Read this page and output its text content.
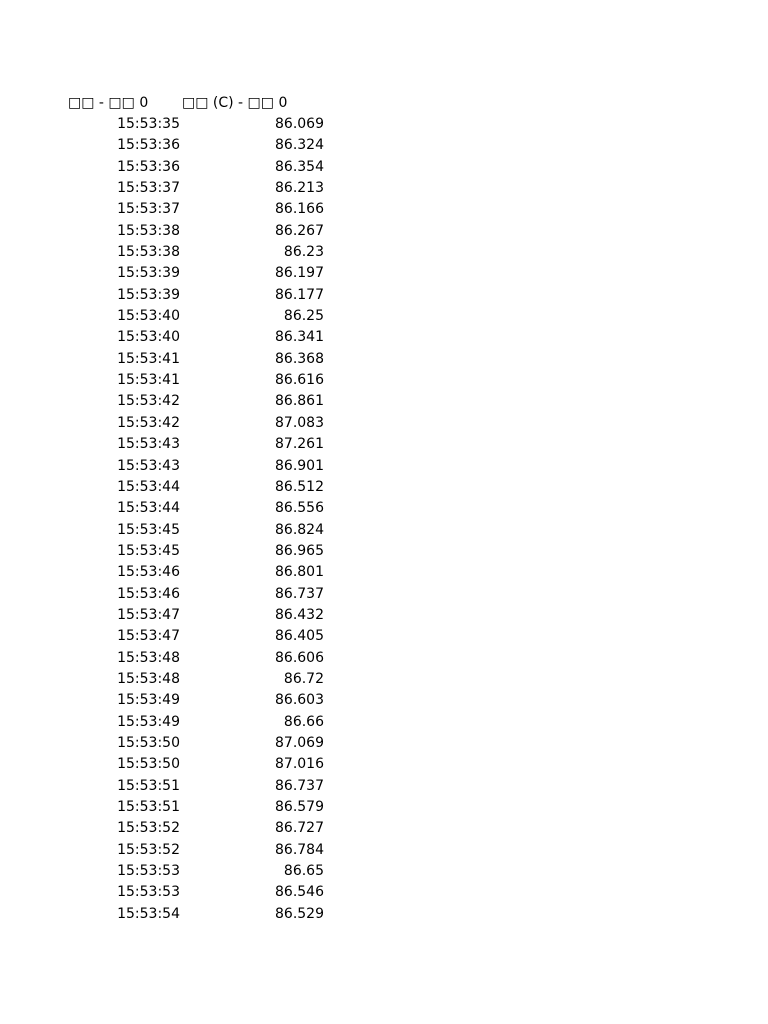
□□ - □□ 0 □□ (C) - □□ 0
15:53:35	86.069
15:53:36	86.324
15:53:36	86.354
15:53:37	86.213
15:53:37	86.166
15:53:38	86.267
15:53:38	86.23
15:53:39	86.197
15:53:39	86.177
15:53:40	86.25
15:53:40	86.341
15:53:41	86.368
15:53:41	86.616
15:53:42	86.861
15:53:42	87.083
15:53:43	87.261
15:53:43	86.901
15:53:44	86.512
15:53:44	86.556
15:53:45	86.824
15:53:45	86.965
15:53:46	86.801
15:53:46	86.737
15:53:47	86.432
15:53:47	86.405
15:53:48	86.606
15:53:48	86.72
15:53:49	86.603
15:53:49	86.66
15:53:50	87.069
15:53:50	87.016
15:53:51	86.737
15:53:51	86.579
15:53:52	86.727
15:53:52	86.784
15:53:53	86.65
15:53:53	86.546
15:53:54	86.529
